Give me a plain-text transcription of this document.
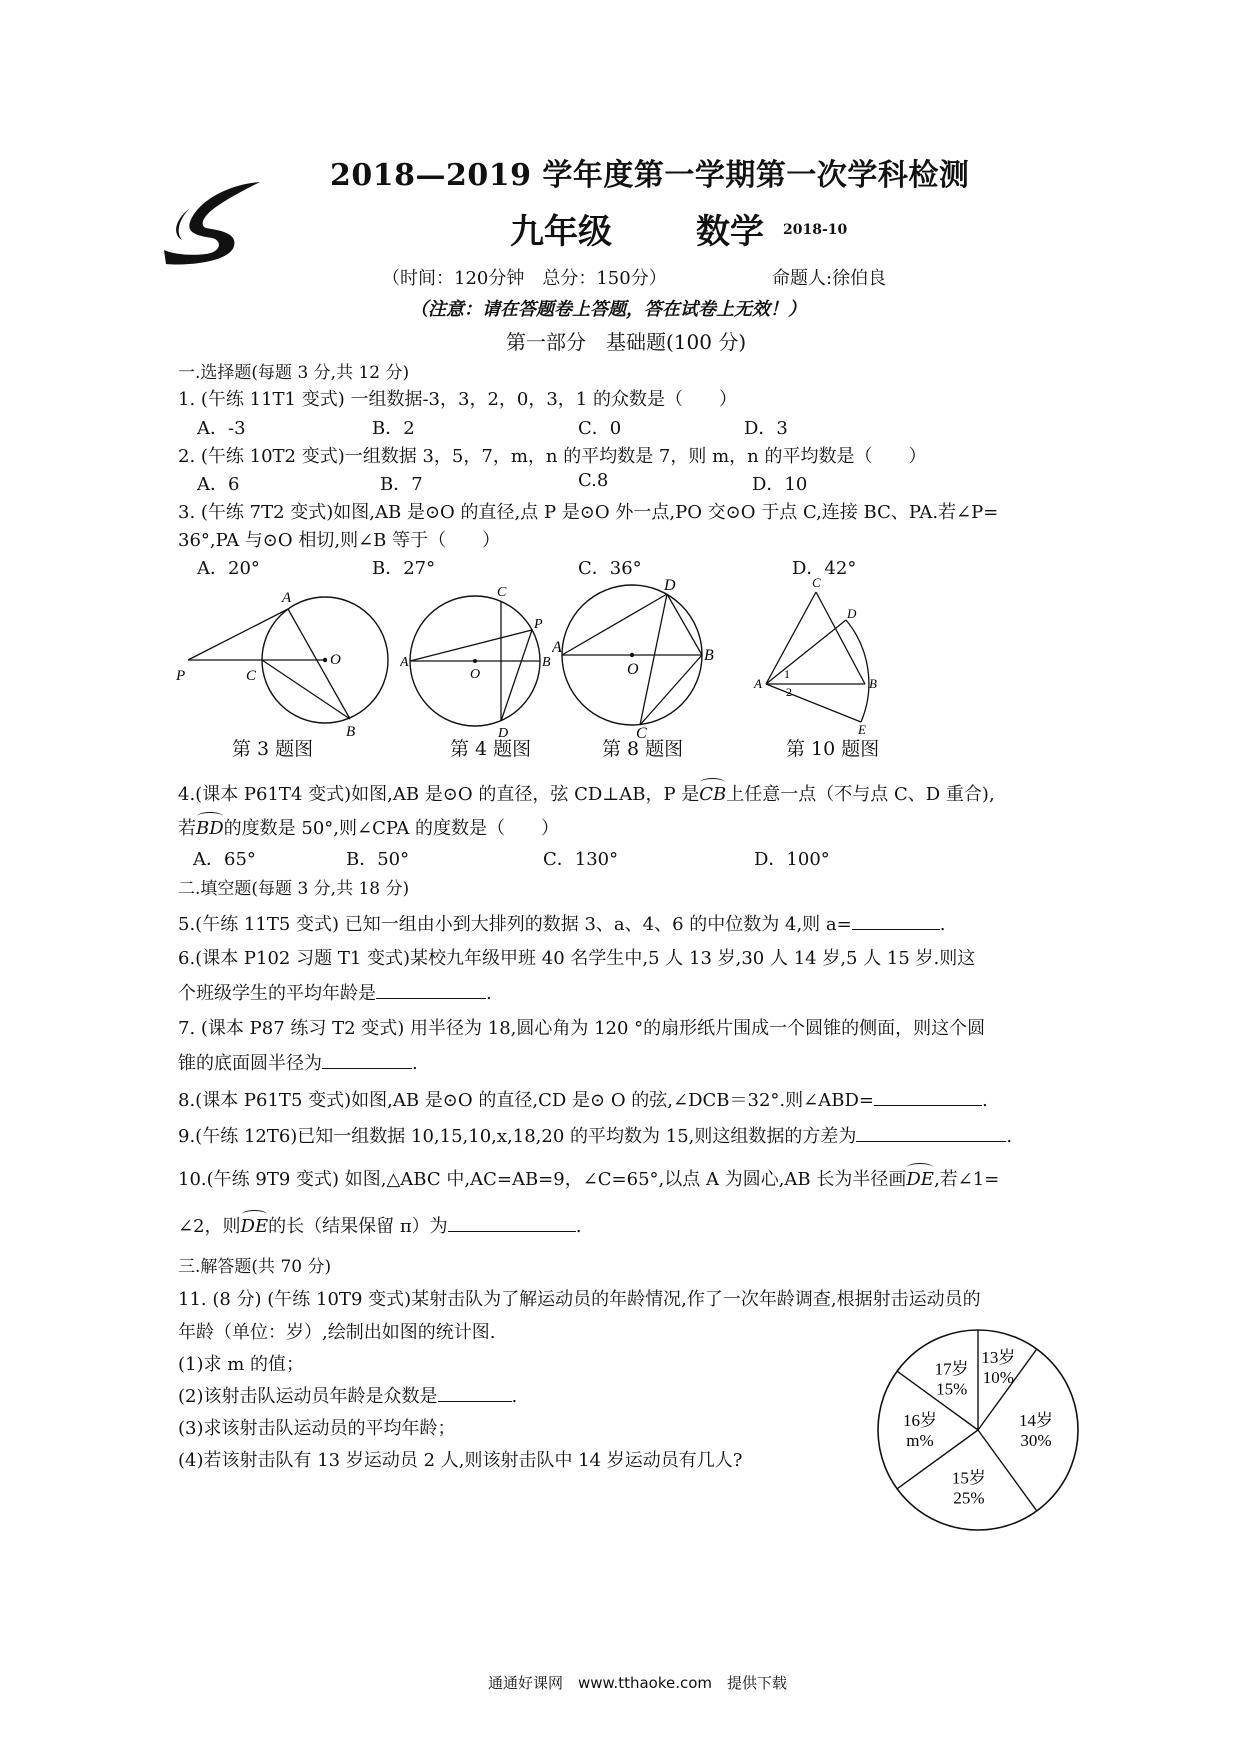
2018—2019 学年度第一学期第一次学科检测
九年级 数学 2018-10
（时间：120分钟　总分：150分）	命题人:徐伯良
（注意：请在答题卷上答题，答在试卷上无效！）
第一部分　基础题(100 分)
一.选择题(每题 3 分,共 12 分)
1. (午练 11T1 变式) 一组数据-3，3，2，0，3，1 的众数是（　　）
A．-3	B．2	C．0	D．3
2. (午练 10T2 变式)一组数据 3，5，7，m，n 的平均数是 7，则 m，n 的平均数是（　　）
A．6	B．7	C.8	D．10
3. (午练 7T2 变式)如图,AB 是⊙O 的直径,点 P 是⊙O 外一点,PO 交⊙O 于点 C,连接 BC、PA.若∠P=
36°,PA 与⊙O 相切,则∠B 等于（　　）
A．20°	B．27°	C．36°	D．42°
A
P	C
O
B
第 3 题图
C
P
A
O
B
D
第 4 题图
D
A
O
B
C
第 8 题图
C
D
A
1
2
B
E
第 10 题图
4.(课本 P61T4 变式)如图,AB 是⊙O 的直径，弦 CD⊥AB，P 是CB上任意一点（不与点 C、D 重合),
若BD的度数是 50°,则∠CPA 的度数是（　　）
A．65°	B．50°	C．130°	D．100°
二.填空题(每题 3 分,共 18 分)
5.(午练 11T5 变式) 已知一组由小到大排列的数据 3、a、4、6 的中位数为 4,则 a=	.
6.(课本 P102 习题 T1 变式)某校九年级甲班 40 名学生中,5 人 13 岁,30 人 14 岁,5 人 15 岁.则这
个班级学生的平均年龄是	.
7. (课本 P87 练习 T2 变式) 用半径为 18,圆心角为 120 °的扇形纸片围成一个圆锥的侧面，则这个圆
锥的底面圆半径为	.
8.(课本 P61T5 变式)如图,AB 是⊙O 的直径,CD 是⊙ O 的弦,∠DCB＝32°.则∠ABD=	.
9.(午练 12T6)已知一组数据 10,15,10,x,18,20 的平均数为 15,则这组数据的方差为	.
10.(午练 9T9 变式) 如图,△ABC 中,AC=AB=9，∠C=65°,以点 A 为圆心,AB 长为半径画DE,若∠1=
∠2，则DE的长（结果保留 π）为	.
三.解答题(共 70 分)
11. (8 分) (午练 10T9 变式)某射击队为了解运动员的年龄情况,作了一次年龄调查,根据射击运动员的
年龄（单位：岁）,绘制出如图的统计图.
(1)求 m 的值；
(2)该射击队运动员年龄是众数是	.
(3)求该射击队运动员的平均年龄；
(4)若该射击队有 13 岁运动员 2 人,则该射击队中 14 岁运动员有几人?
13岁
10%
14岁
30%
15岁
25%
16岁
m%
17岁
15%
通通好课网　www.tthaoke.com　提供下载
